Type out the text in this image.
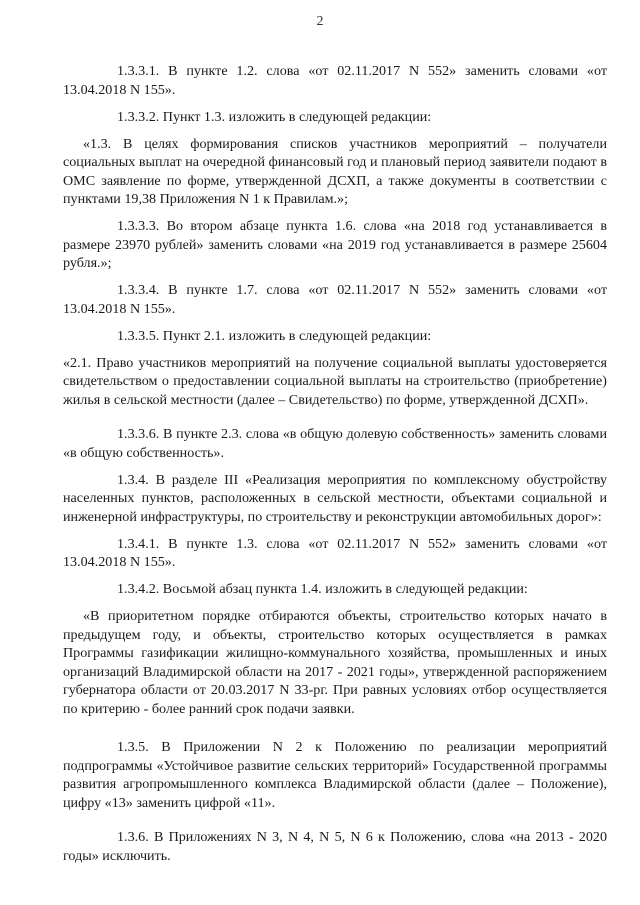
2

1.3.3.1. В пункте 1.2. слова «от 02.11.2017 N 552» заменить словами «от 13.04.2018 N 155».

1.3.3.2. Пункт 1.3. изложить в следующей редакции:

«1.3. В целях формирования списков участников мероприятий – получатели социальных выплат на очередной финансовый год и плановый период заявители подают в ОМС заявление по форме, утвержденной ДСХП, а также документы в соответствии с пунктами 19,38 Приложения N 1 к Правилам.»;

1.3.3.3. Во втором абзаце пункта 1.6. слова «на 2018 год устанавливается в размере 23970 рублей» заменить словами «на 2019 год устанавливается в размере 25604 рубля.»;

1.3.3.4. В пункте 1.7. слова «от 02.11.2017 N 552» заменить словами «от 13.04.2018 N 155».

1.3.3.5. Пункт 2.1. изложить в следующей редакции:

«2.1. Право участников мероприятий на получение социальной выплаты удостоверяется свидетельством о предоставлении социальной выплаты на строительство (приобретение) жилья в сельской местности (далее – Свидетельство) по форме, утвержденной ДСХП».

1.3.3.6. В пункте 2.3. слова «в общую долевую собственность» заменить словами «в общую собственность».

1.3.4. В разделе III «Реализация мероприятия по комплексному обустройству населенных пунктов, расположенных в сельской местности, объектами социальной и инженерной инфраструктуры, по строительству и реконструкции автомобильных дорог»:

1.3.4.1. В пункте 1.3. слова «от 02.11.2017 N 552» заменить словами «от 13.04.2018 N 155».

1.3.4.2. Восьмой абзац пункта 1.4. изложить в следующей редакции:

«В приоритетном порядке отбираются объекты, строительство которых начато в предыдущем году, и объекты, строительство которых осуществляется в рамках Программы газификации жилищно-коммунального хозяйства, промышленных и иных организаций Владимирской области на 2017 - 2021 годы», утвержденной распоряжением губернатора области от 20.03.2017 N 33-рг. При равных условиях отбор осуществляется по критерию - более ранний срок подачи заявки.

1.3.5. В Приложении N 2 к Положению по реализации мероприятий подпрограммы «Устойчивое развитие сельских территорий» Государственной программы развития агропромышленного комплекса Владимирской области (далее – Положение), цифру «13» заменить цифрой «11».

1.3.6. В Приложениях N 3, N 4, N 5, N 6 к Положению, слова «на 2013 - 2020 годы» исключить.
